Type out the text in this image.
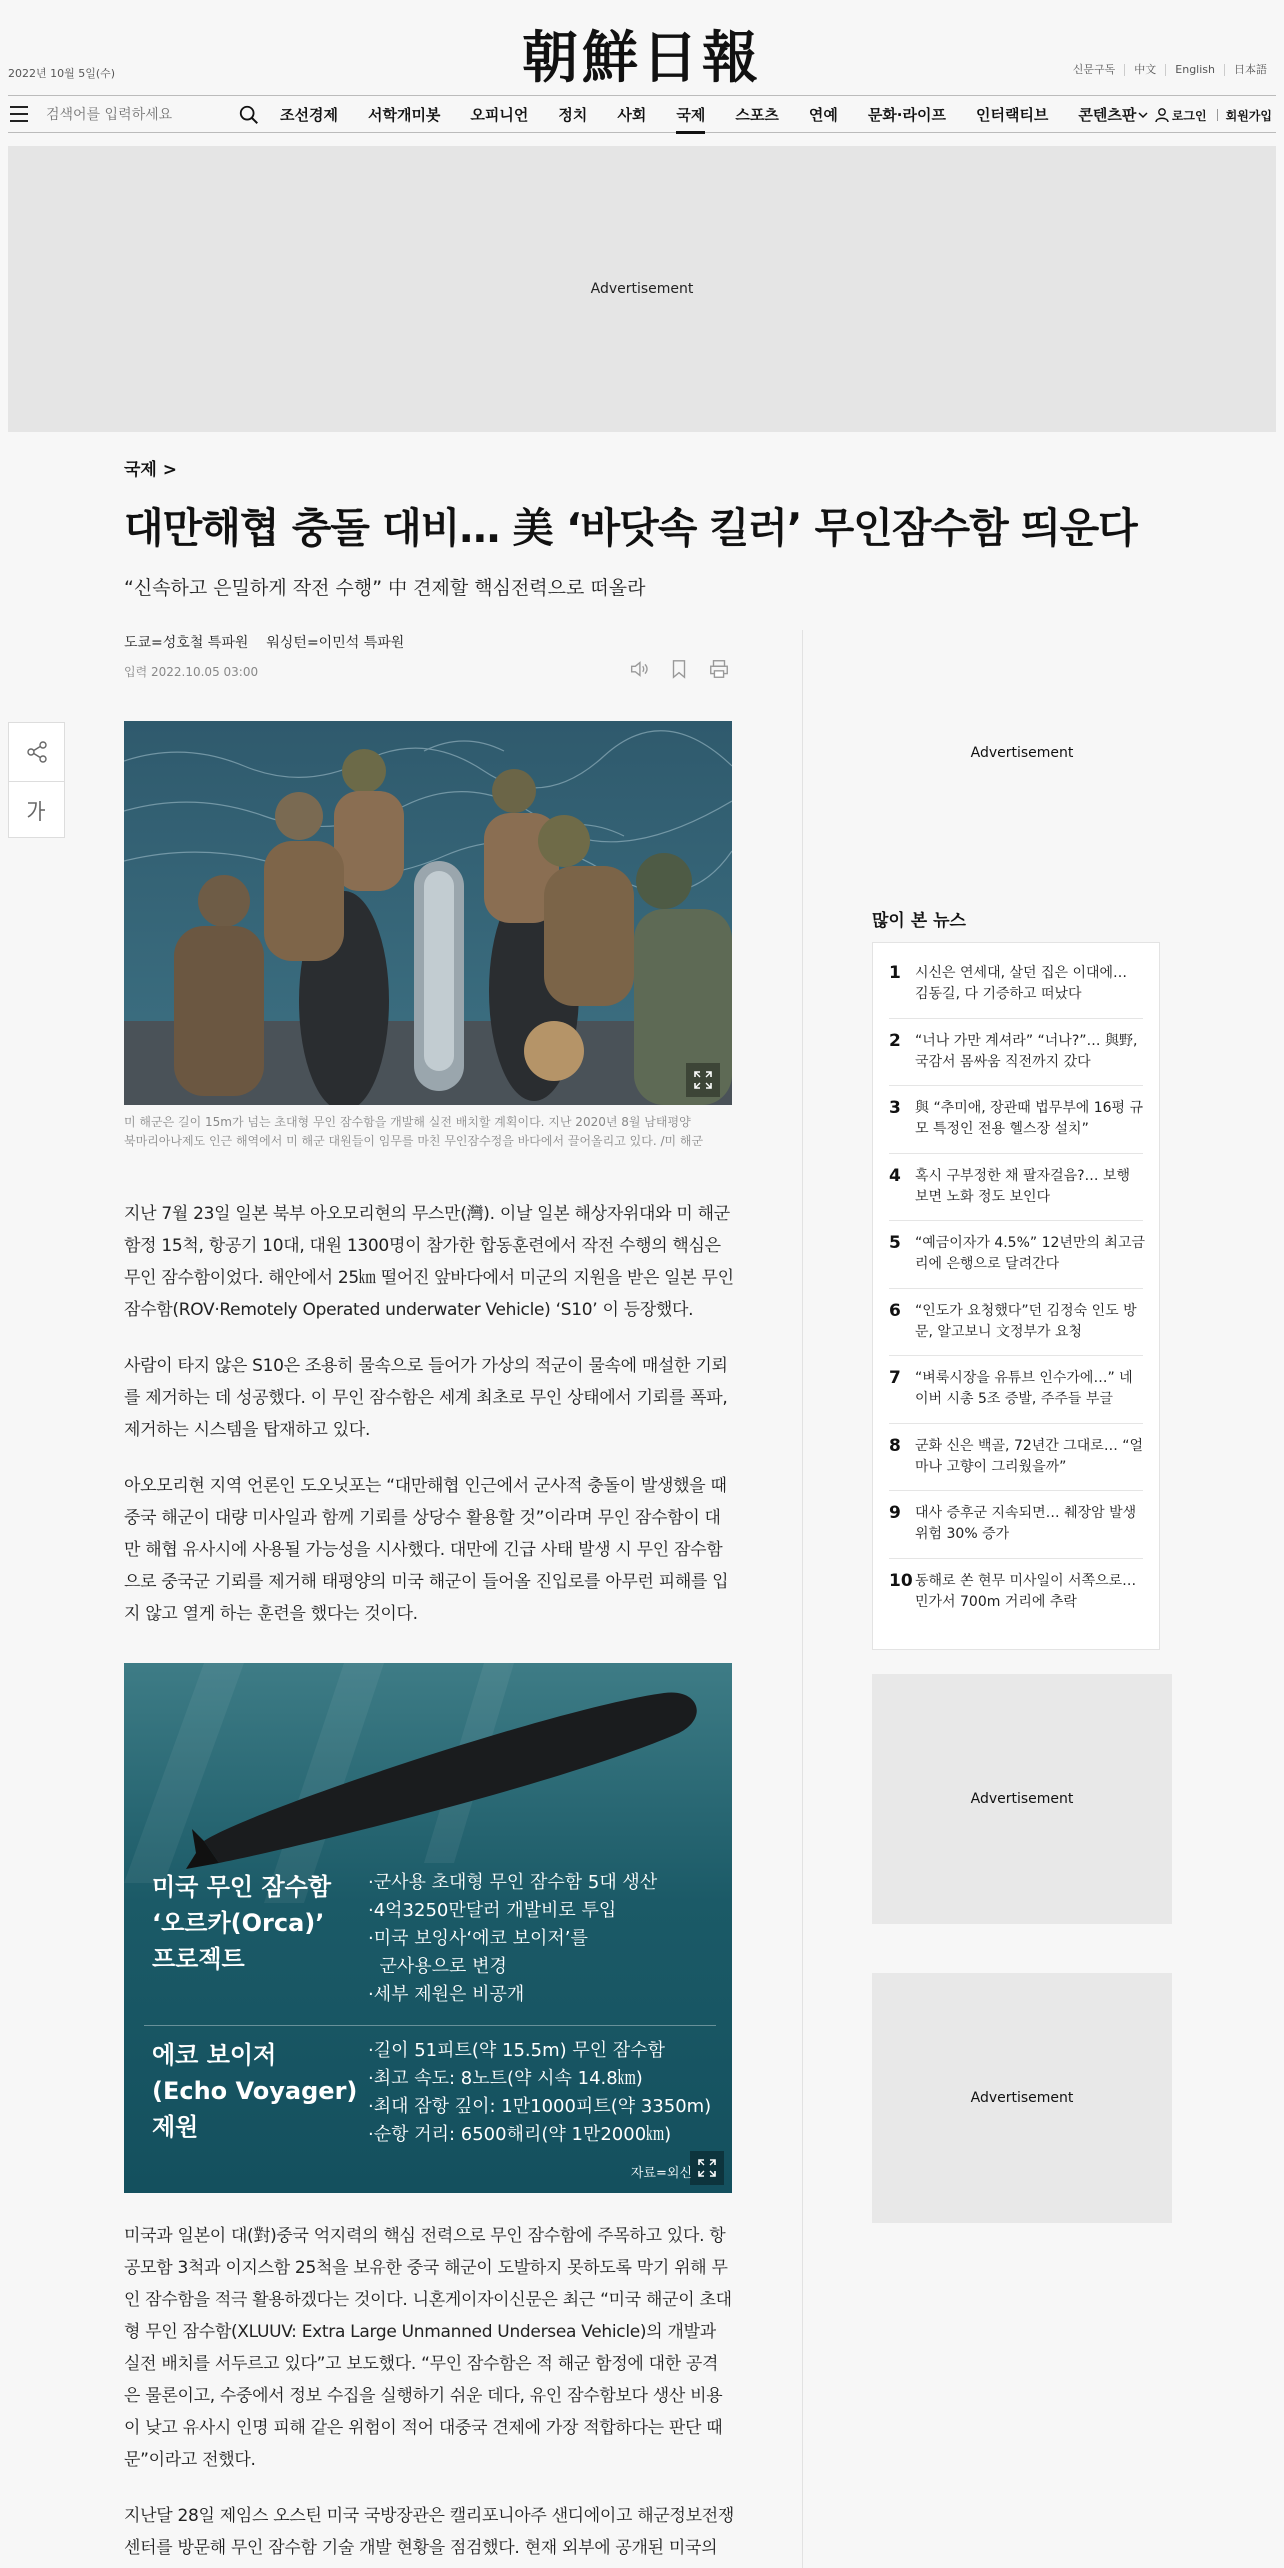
2022년 10월 5일(수)	朝鮮日報	신문구독	中文	English	日本語
검색어를 입력하세요
조선경제 서학개미봇 오피니언 정치 사회 국제 스포츠 연예 문화·라이프 인터랙티브 콘텐츠판	로그인 회원가입
Advertisement
국제 >
대만해협 충돌 대비… 美 ‘바닷속 킬러’ 무인잠수함 띄운다
“신속하고 은밀하게 작전 수행” 中 견제할 핵심전력으로 떠올라
도쿄=성호철 특파원 워싱턴=이민석 특파원
입력 2022.10.05 03:00
미 해군은 길이 15m가 넘는 초대형 무인 잠수함을 개발해 실전 배치할 계획이다. 지난 2020년 8월 남태평양 북마리아나제도 인근 해역에서 미 해군 대원들이 임무를 마친 무인잠수정을 바다에서 끌어올리고 있다. /미 해군

지난 7월 23일 일본 북부 아오모리현의 무스만(灣). 이날 일본 해상자위대와 미 해군 함정 15척, 항공기 10대, 대원 1300명이 참가한 합동훈련에서 작전 수행의 핵심은 무인 잠수함이었다. 해안에서 25㎞ 떨어진 앞바다에서 미군의 지원을 받은 일본 무인 잠수함(ROV·Remotely Operated underwater Vehicle) ‘S10’ 이 등장했다.

사람이 타지 않은 S10은 조용히 물속으로 들어가 가상의 적군이 물속에 매설한 기뢰를 제거하는 데 성공했다. 이 무인 잠수함은 세계 최초로 무인 상태에서 기뢰를 폭파, 제거하는 시스템을 탑재하고 있다.

아오모리현 지역 언론인 도오닛포는 “대만해협 인근에서 군사적 충돌이 발생했을 때 중국 해군이 대량 미사일과 함께 기뢰를 상당수 활용할 것”이라며 무인 잠수함이 대만 해협 유사시에 사용될 가능성을 시사했다. 대만에 긴급 사태 발생 시 무인 잠수함으로 중국군 기뢰를 제거해 태평양의 미국 해군이 들어올 진입로를 아무런 피해를 입지 않고 열게 하는 훈련을 했다는 것이다.

미국 무인 잠수함
‘오르카(Orca)’
프로젝트
·군사용 초대형 무인 잠수함 5대 생산
·4억3250만달러 개발비로 투입
·미국 보잉사‘에코 보이저’를
군사용으로 변경
·세부 제원은 비공개
에코 보이저
(Echo Voyager)
제원
·길이 51피트(약 15.5m) 무인 잠수함
·최고 속도: 8노트(약 시속 14.8㎞)
·최대 잠항 깊이: 1만1000피트(약 3350m)
·순항 거리: 6500해리(약 1만2000㎞)
자료=외신

미국과 일본이 대(對)중국 억지력의 핵심 전력으로 무인 잠수함에 주목하고 있다. 항공모함 3척과 이지스함 25척을 보유한 중국 해군이 도발하지 못하도록 막기 위해 무인 잠수함을 적극 활용하겠다는 것이다. 니혼게이자이신문은 최근 “미국 해군이 초대형 무인 잠수함(XLUUV: Extra Large Unmanned Undersea Vehicle)의 개발과 실전 배치를 서두르고 있다”고 보도했다. “무인 잠수함은 적 해군 함정에 대한 공격은 물론이고, 수중에서 정보 수집을 실행하기 쉬운 데다, 유인 잠수함보다 생산 비용이 낮고 유사시 인명 피해 같은 위험이 적어 대중국 견제에 가장 적합하다는 판단 때문”이라고 전했다.

지난달 28일 제임스 오스틴 미국 국방장관은 캘리포니아주 샌디에이고 해군정보전쟁센터를 방문해 무인 잠수함 기술 개발 현황을 점검했다. 현재 외부에 공개된 미국의

Advertisement
많이 본 뉴스
1 시신은 연세대, 살던 집은 이대에… 김동길, 다 기증하고 떠났다
2 “너나 가만 계셔라” “너나?”… 與野, 국감서 몸싸움 직전까지 갔다
3 與 “추미애, 장관때 법무부에 16평 규모 특정인 전용 헬스장 설치”
4 혹시 구부정한 채 팔자걸음?… 보행 보면 노화 정도 보인다
5 “예금이자가 4.5%” 12년만의 최고금리에 은행으로 달려간다
6 “인도가 요청했다”던 김정숙 인도 방문, 알고보니 文정부가 요청
7 “벼룩시장을 유튜브 인수가에…” 네이버 시총 5조 증발, 주주들 부글
8 군화 신은 백골, 72년간 그대로… “얼마나 고향이 그리웠을까”
9 대사 증후군 지속되면… 췌장암 발생 위험 30% 증가
10 동해로 쏜 현무 미사일이 서쪽으로… 민가서 700m 거리에 추락
Advertisement
Advertisement
